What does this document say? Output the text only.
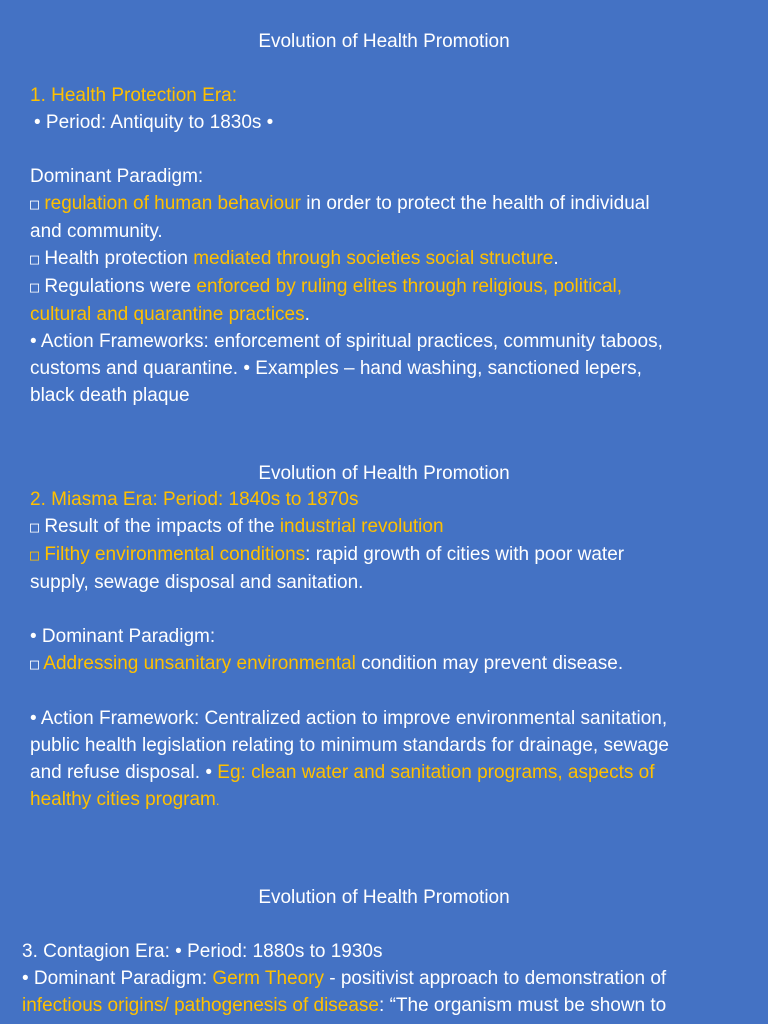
Evolution of Health Promotion
1. Health Protection Era:
• Period: Antiquity to 1830s •
Dominant Paradigm:
□ regulation of human behaviour in order to protect the health of individual
and community.
□ Health protection mediated through societies social structure.
□ Regulations were enforced by ruling elites through religious, political,
cultural and quarantine practices.
• Action Frameworks: enforcement of spiritual practices, community taboos,
customs and quarantine. • Examples – hand washing, sanctioned lepers,
black death plaque
Evolution of Health Promotion
2. Miasma Era: Period: 1840s to 1870s
□ Result of the impacts of the industrial revolution
□ Filthy environmental conditions: rapid growth of cities with poor water
supply, sewage disposal and sanitation.
• Dominant Paradigm:
□ Addressing unsanitary environmental condition may prevent disease.
• Action Framework: Centralized action to improve environmental sanitation,
public health legislation relating to minimum standards for drainage, sewage
and refuse disposal. • Eg: clean water and sanitation programs, aspects of
healthy cities program.
Evolution of Health Promotion
3. Contagion Era: • Period: 1880s to 1930s
• Dominant Paradigm: Germ Theory - positivist approach to demonstration of
infectious origins/ pathogenesis of disease: “The organism must be shown to
